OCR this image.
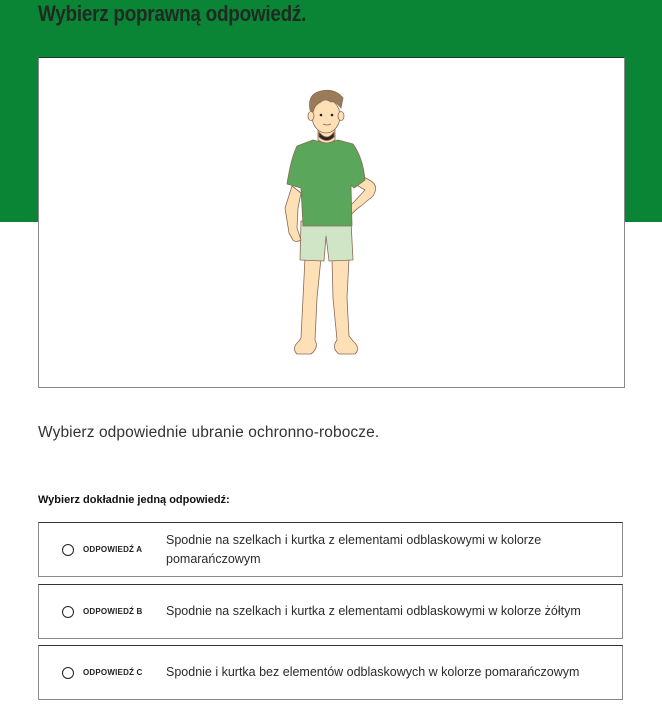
Wybierz poprawną odpowiedź.
Wybierz odpowiednie ubranie ochronno-robocze.
Wybierz dokładnie jedną odpowiedź:
ODPOWIEDŹ A
Spodnie na szelkach i kurtka z elementami odblaskowymi w kolorze pomarańczowym
ODPOWIEDŹ B Spodnie na szelkach i kurtka z elementami odblaskowymi w kolorze żółtym
ODPOWIEDŹ C Spodnie i kurtka bez elementów odblaskowych w kolorze pomarańczowym
